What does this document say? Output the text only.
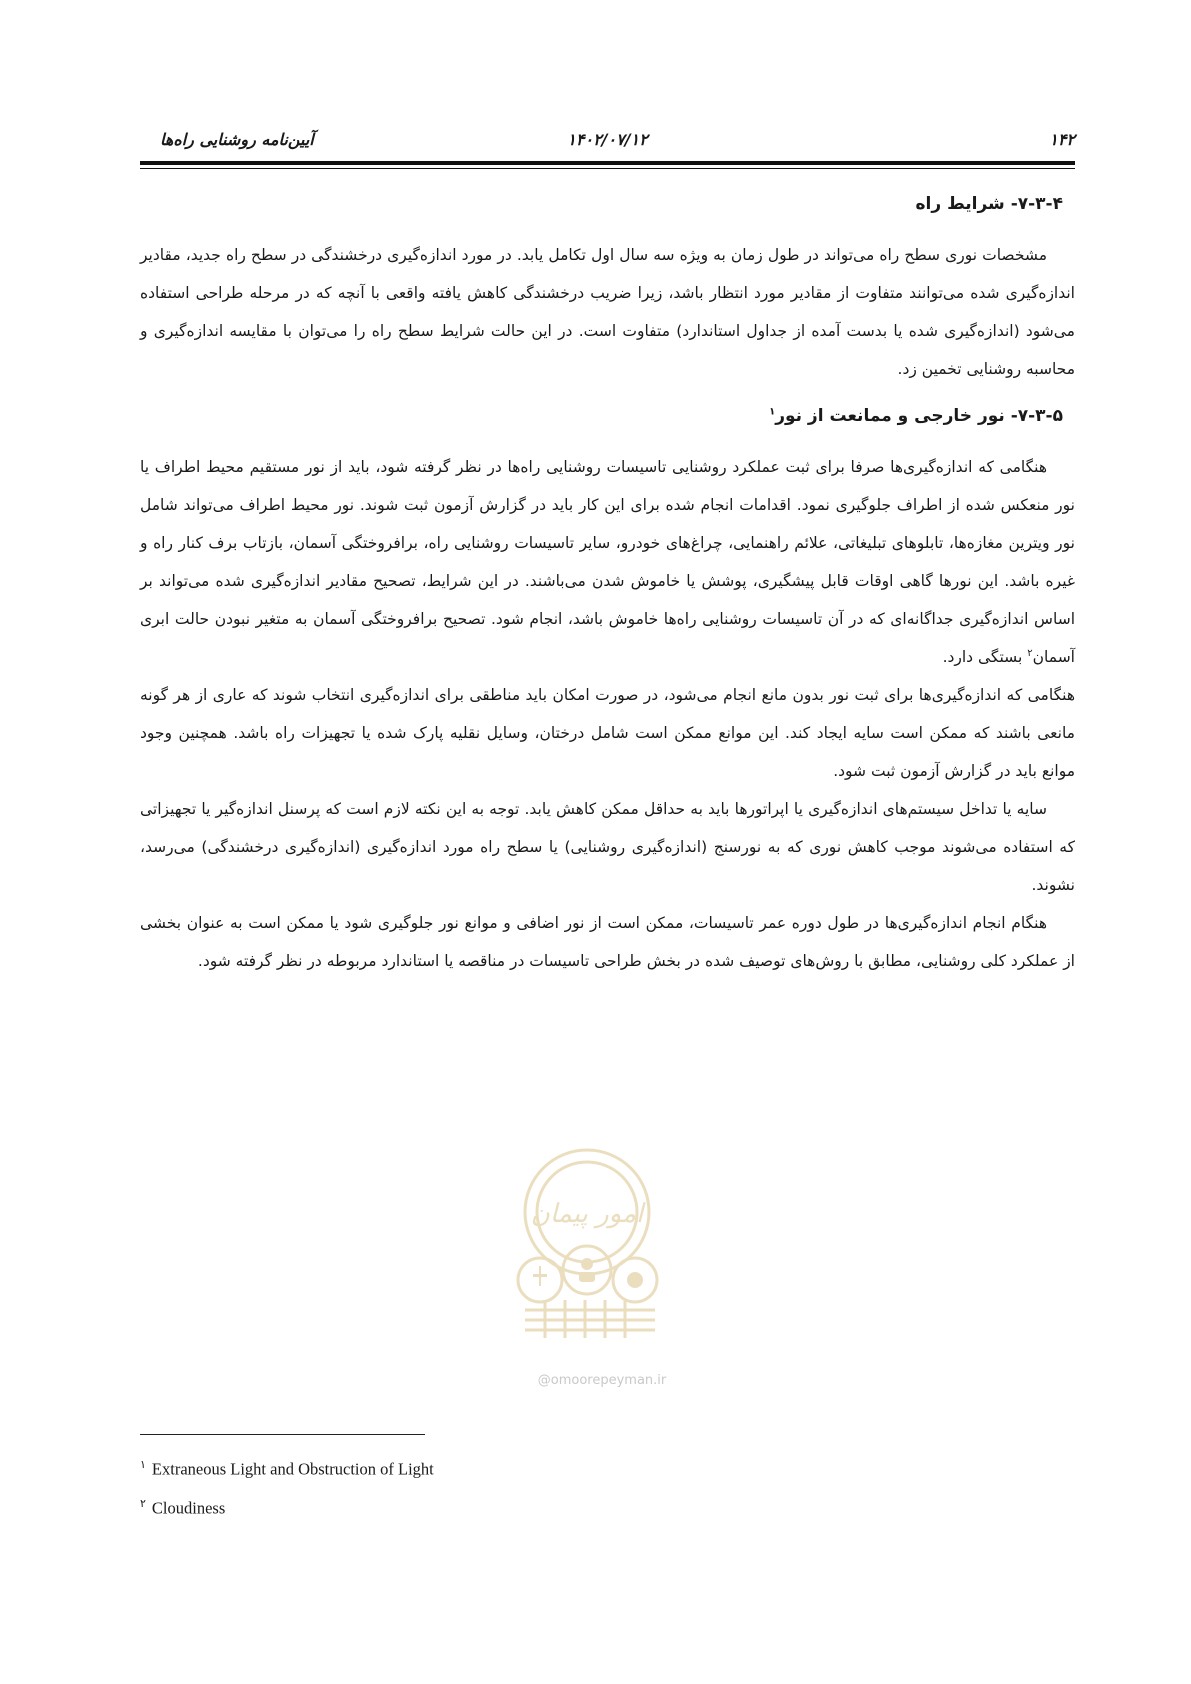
۱۴۲
۱۴۰۲/۰۷/۱۲
آیین‌نامه روشنایی راه‌ها
۷-۳-۴- شرایط راه

مشخصات نوری سطح راه می‌تواند در طول زمان به ویژه سه سال اول تکامل یابد. در مورد اندازه‌گیری درخشندگی در سطح راه جدید، مقادیر اندازه‌گیری شده می‌توانند متفاوت از مقادیر مورد انتظار باشد، زیرا ضریب درخشندگی کاهش یافته واقعی با آنچه که در مرحله طراحی استفاده می‌شود (اندازه‌گیری شده یا بدست آمده از جداول استاندارد) متفاوت است. در این حالت شرایط سطح راه را می‌توان با مقایسه اندازه‌گیری و محاسبه روشنایی تخمین زد.

۷-۳-۵- نور خارجی و ممانعت از نور$^۱$

هنگامی که اندازه‌گیری‌ها صرفا برای ثبت عملکرد روشنایی تاسیسات روشنایی راه‌ها در نظر گرفته شود، باید از نور مستقیم محیط اطراف یا نور منعکس شده از اطراف جلوگیری نمود. اقدامات انجام شده برای این کار باید در گزارش آزمون ثبت شوند. نور محیط اطراف می‌تواند شامل نور ویترین مغازه‌ها، تابلوهای تبلیغاتی، علائم راهنمایی، چراغ‌های خودرو، سایر تاسیسات روشنایی راه، برافروختگی آسمان، بازتاب برف کنار راه و غیره باشد. این نورها گاهی اوقات قابل پیشگیری، پوشش یا خاموش شدن می‌باشند. در این شرایط، تصحیح مقادیر اندازه‌گیری شده می‌تواند بر اساس اندازه‌گیری جداگانه‌ای که در آن تاسیسات روشنایی راه‌ها خاموش باشد، انجام شود. تصحیح برافروختگی آسمان به متغیر نبودن حالت ابری آسمان$^۲$ بستگی دارد.

هنگامی که اندازه‌گیری‌ها برای ثبت نور بدون مانع انجام می‌شود، در صورت امکان باید مناطقی برای اندازه‌گیری انتخاب شوند که عاری از هر گونه مانعی باشند که ممکن است سایه ایجاد کند. این موانع ممکن است شامل درختان، وسایل نقلیه پارک شده یا تجهیزات راه باشد. همچنین وجود موانع باید در گزارش آزمون ثبت شود.

سایه یا تداخل سیستم‌های اندازه‌گیری یا اپراتورها باید به حداقل ممکن کاهش یابد. توجه به این نکته لازم است که پرسنل اندازه‌گیر یا تجهیزاتی که استفاده می‌شوند موجب کاهش نوری که به نورسنج (اندازه‌گیری روشنایی) یا سطح راه مورد اندازه‌گیری (اندازه‌گیری درخشندگی) می‌رسد، نشوند.

هنگام انجام اندازه‌گیری‌ها در طول دوره عمر تاسیسات، ممکن است از نور اضافی و موانع نور جلوگیری شود یا ممکن است به عنوان بخشی از عملکرد کلی روشنایی، مطابق با روش‌های توصیف شده در بخش طراحی تاسیسات در مناقصه یا استاندارد مربوطه در نظر گرفته شود.

امور پیمان
@omoorepeyman.ir

$^۱$ Extraneous Light and Obstruction of Light

$^۲$ Cloudiness
